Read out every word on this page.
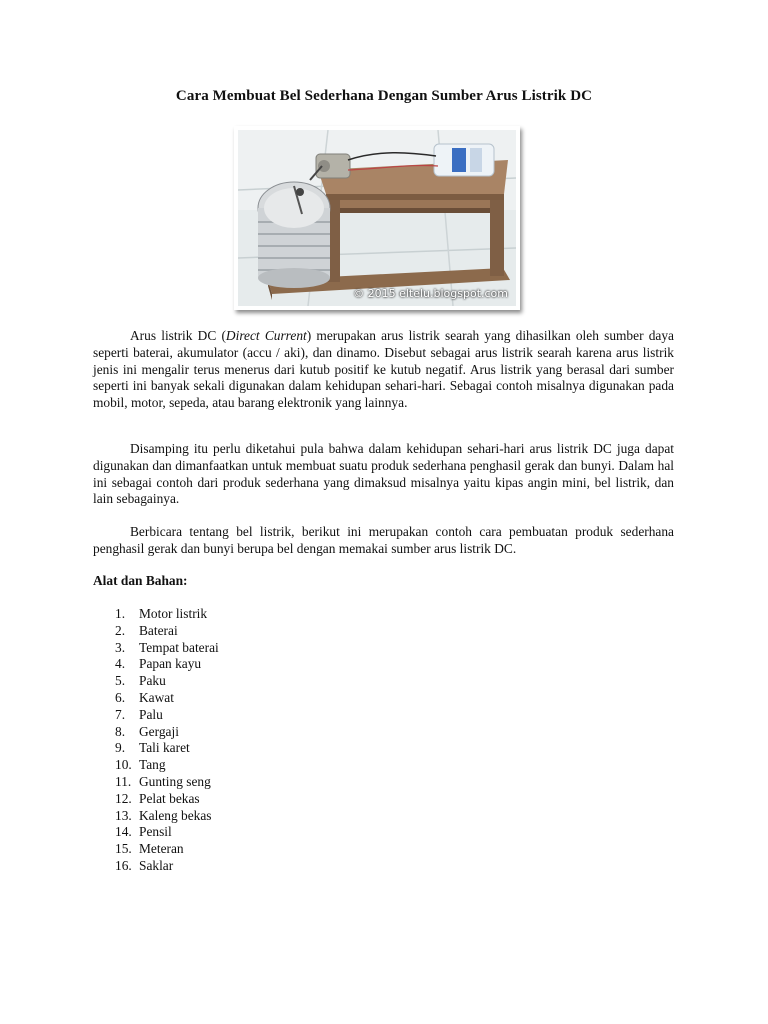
Cara Membuat Bel Sederhana Dengan Sumber Arus Listrik DC
© 2015 eltelu.blogspot.com

Arus listrik DC (Direct Current) merupakan arus listrik searah yang dihasilkan oleh sumber daya seperti baterai, akumulator (accu / aki), dan dinamo. Disebut sebagai arus listrik searah karena arus listrik jenis ini mengalir terus menerus dari kutub positif ke kutub negatif. Arus listrik yang berasal dari sumber seperti ini banyak sekali digunakan dalam kehidupan sehari-hari. Sebagai contoh misalnya digunakan pada mobil, motor, sepeda, atau barang elektronik yang lainnya.

Disamping itu perlu diketahui pula bahwa dalam kehidupan sehari-hari arus listrik DC juga dapat digunakan dan dimanfaatkan untuk membuat suatu produk sederhana penghasil gerak dan bunyi. Dalam hal ini sebagai contoh dari produk sederhana yang dimaksud misalnya yaitu kipas angin mini, bel listrik, dan lain sebagainya.

Berbicara tentang bel listrik, berikut ini merupakan contoh cara pembuatan produk sederhana penghasil gerak dan bunyi berupa bel dengan memakai sumber arus listrik DC.

Alat dan Bahan:
1.	Motor listrik
2.	Baterai
3.	Tempat baterai
4.	Papan kayu
5.	Paku
6.	Kawat
7.	Palu
8.	Gergaji
9.	Tali karet
10. Tang
11. Gunting seng
12. Pelat bekas
13. Kaleng bekas
14. Pensil
15. Meteran
16. Saklar
